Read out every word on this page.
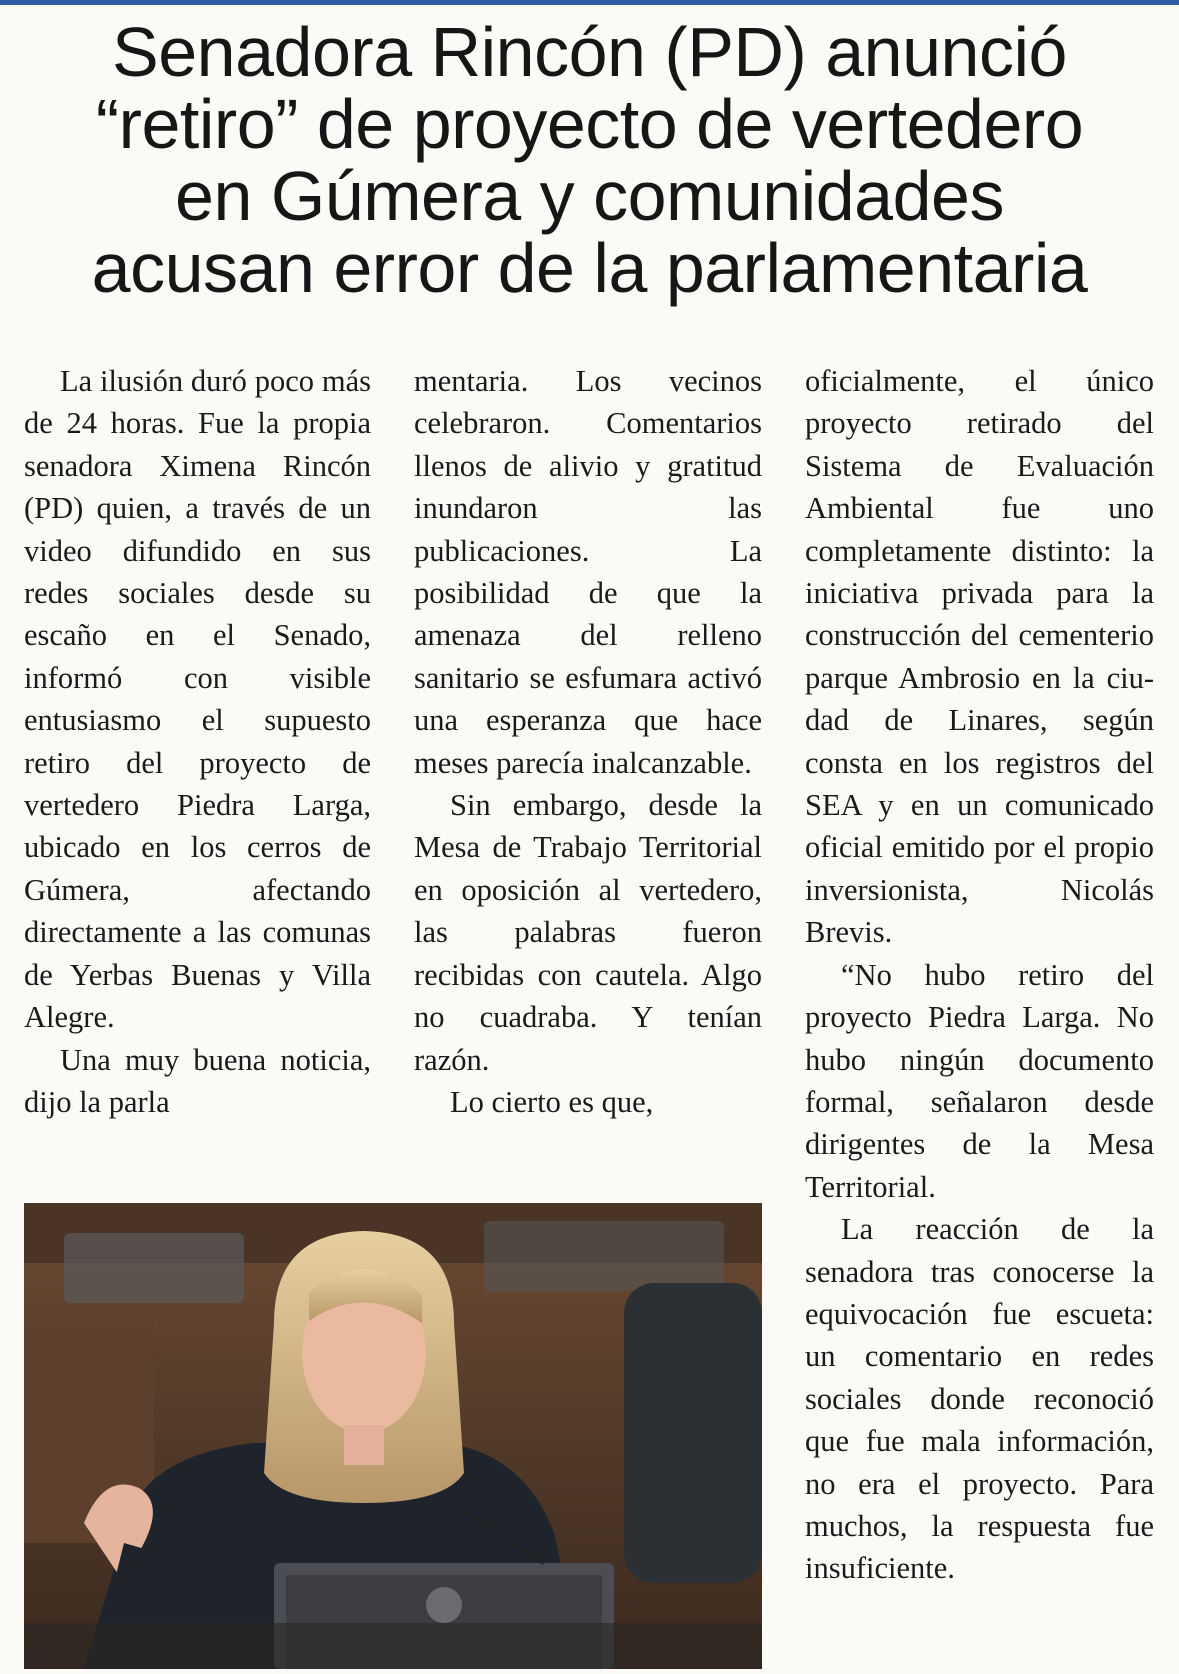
Senadora Rincón (PD) anunció
“retiro” de proyecto de vertedero
en Gúmera y comunidades
acusan error de la parlamentaria

La ilusión duró poco más de 24 horas. Fue la propia senadora Ximena Rincón (PD) quien, a través de un video difundido en sus redes sociales desde su escaño en el Senado, informó con visible entusiasmo el supuesto retiro del proyecto de vertedero Piedra Larga, ubicado en los cerros de Gúmera, afectando directamente a las comunas de Yerbas Buenas y Villa Alegre.

Una muy buena noticia, dijo la parla

mentaria. Los vecinos celebraron. Comentarios llenos de alivio y gratitud inundaron las publicaciones. La posibilidad de que la amenaza del relleno sanitario se esfumara activó una esperanza que hace meses parecía inalcanzable.

Sin embargo, desde la Mesa de Trabajo Territorial en oposición al vertedero, las palabras fueron recibidas con cautela. Algo no cuadraba. Y tenían razón.

Lo cierto es que,

oficialmente, el único proyecto retirado del Sistema de Evaluación Ambiental fue uno completamente distinto: la iniciativa privada para la construcción del cementerio parque Ambrosio en la ciudad de Linares, según consta en los registros del SEA y en un comunicado oficial emitido por el propio inversionista, Nicolás Brevis.

“No hubo retiro del proyecto Piedra Larga. No hubo ningún documento formal, señalaron desde dirigentes de la Mesa Territorial.

La reacción de la senadora tras conocerse la equivocación fue escueta: un comentario en redes sociales donde reconoció que fue mala información, no era el proyecto. Para muchos, la respuesta fue insuficiente.
